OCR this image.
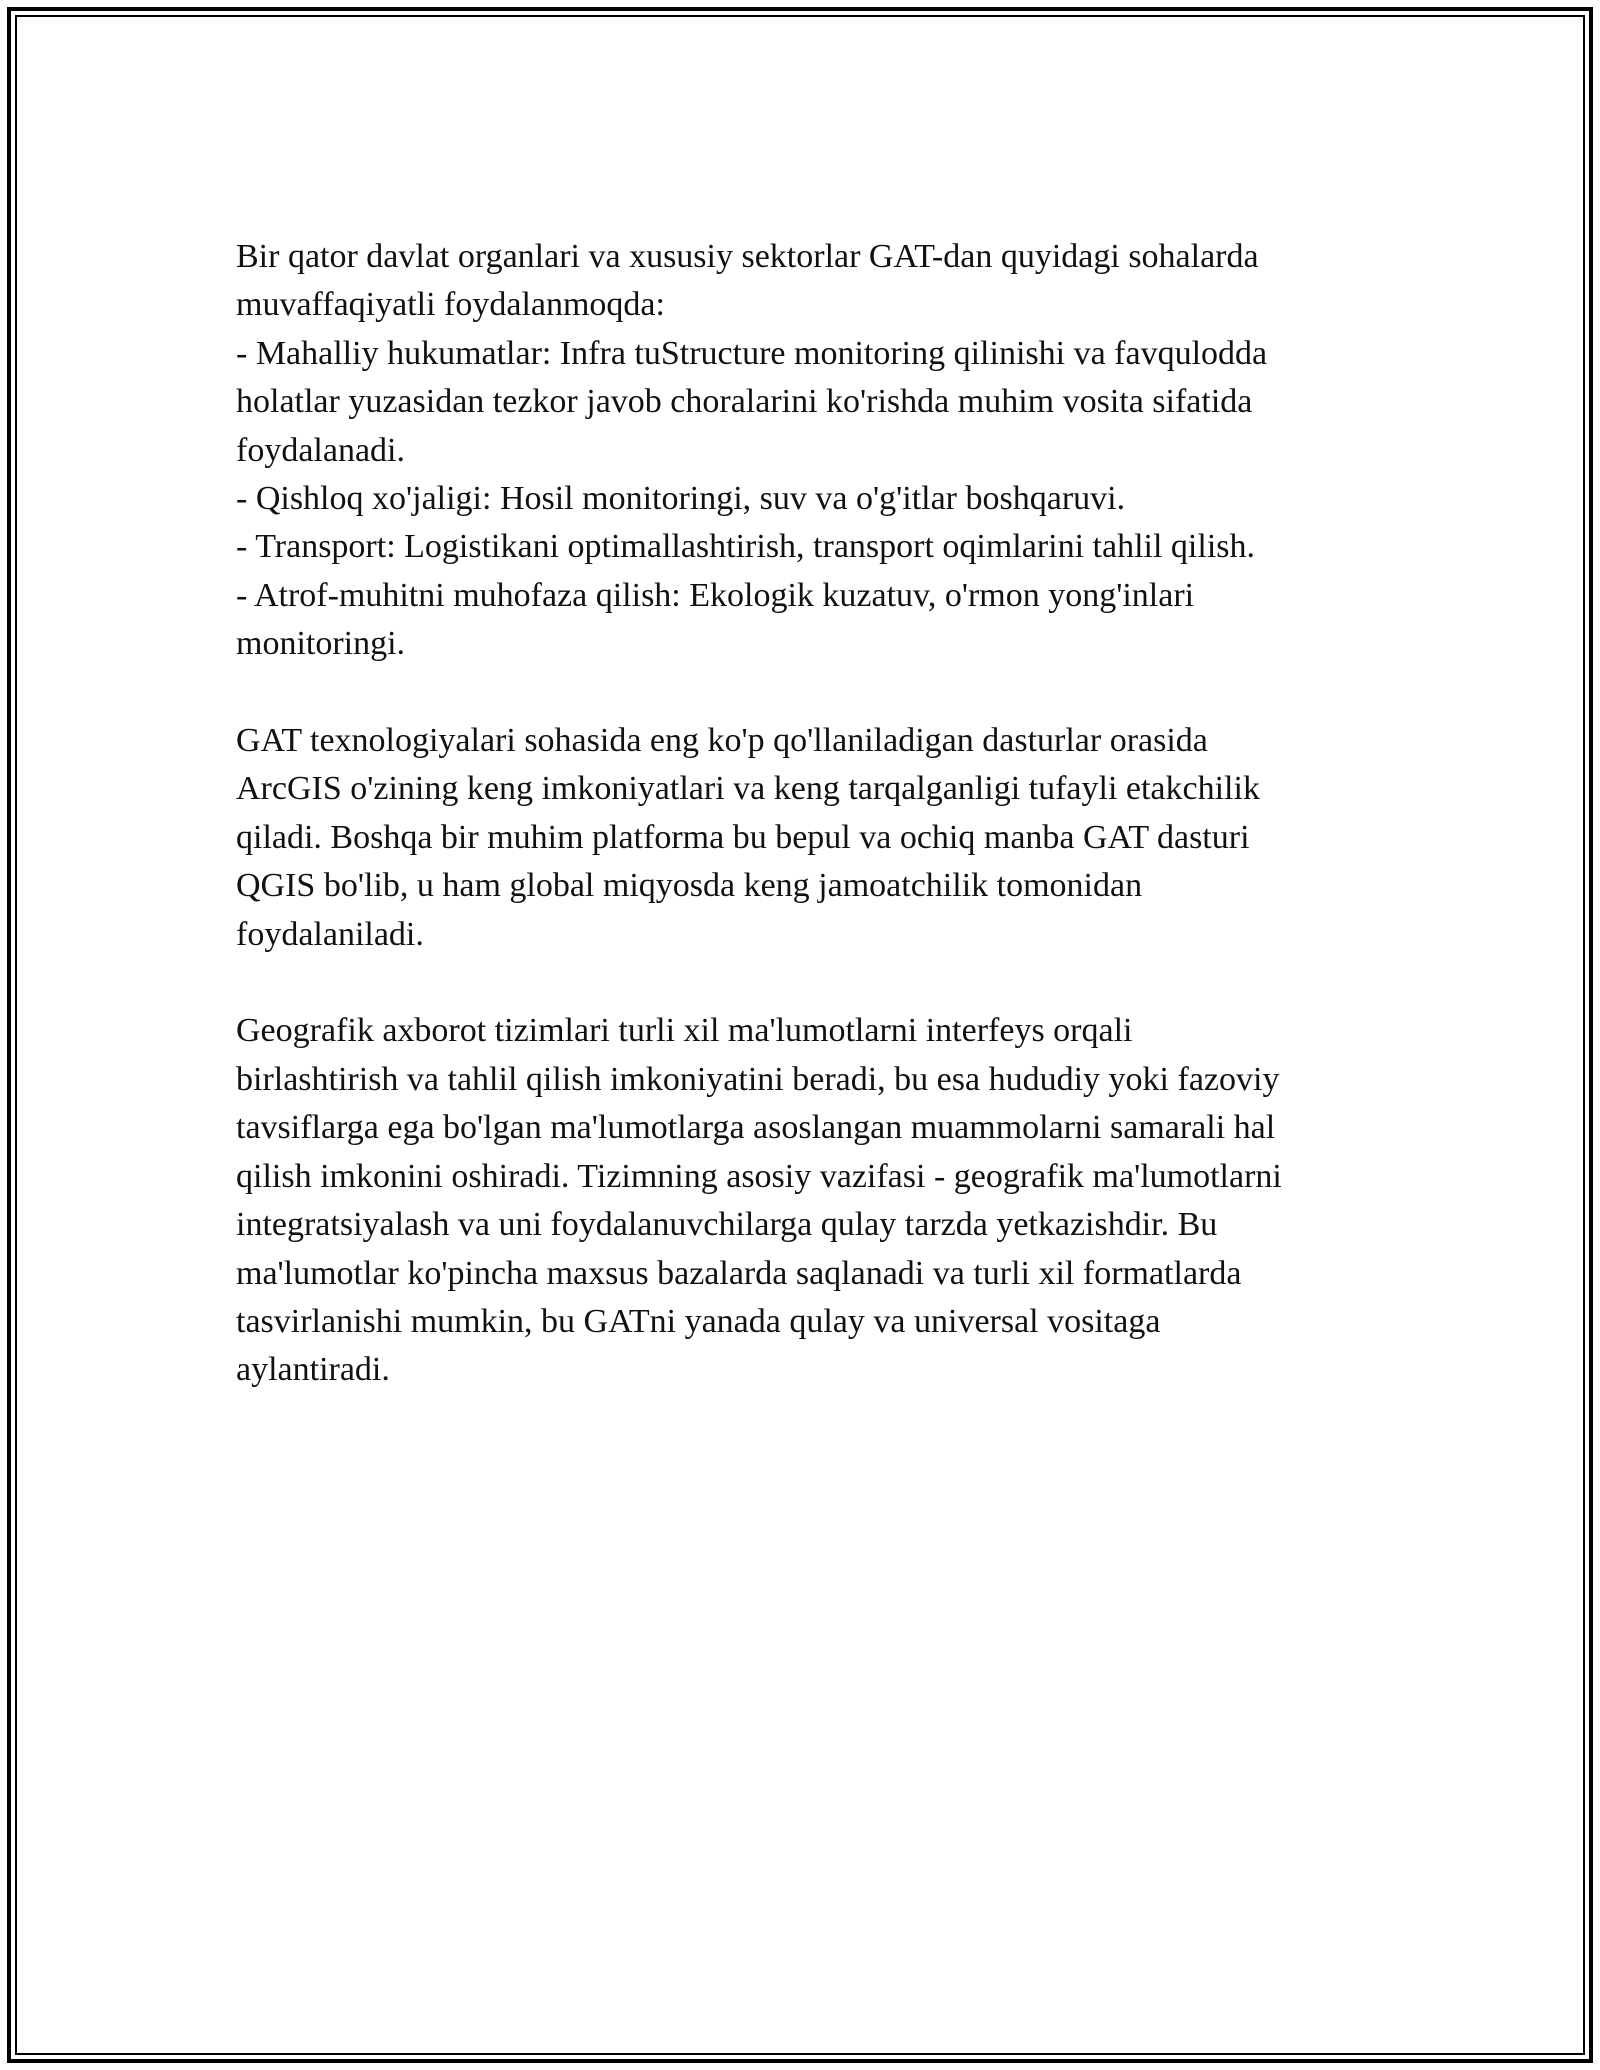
Bir qator davlat organlari va xususiy sektorlar GAT-dan quyidagi sohalarda
muvaffaqiyatli foydalanmoqda:
- Mahalliy hukumatlar: Infra tuStructure monitoring qilinishi va favqulodda
holatlar yuzasidan tezkor javob choralarini ko'rishda muhim vosita sifatida
foydalanadi.
- Qishloq xo'jaligi: Hosil monitoringi, suv va o'g'itlar boshqaruvi.
- Transport: Logistikani optimallashtirish, transport oqimlarini tahlil qilish.
- Atrof-muhitni muhofaza qilish: Ekologik kuzatuv, o'rmon yong'inlari
monitoringi.

GAT texnologiyalari sohasida eng ko'p qo'llaniladigan dasturlar orasida
ArcGIS o'zining keng imkoniyatlari va keng tarqalganligi tufayli etakchilik
qiladi. Boshqa bir muhim platforma bu bepul va ochiq manba GAT dasturi
QGIS bo'lib, u ham global miqyosda keng jamoatchilik tomonidan
foydalaniladi.

Geografik axborot tizimlari turli xil ma'lumotlarni interfeys orqali
birlashtirish va tahlil qilish imkoniyatini beradi, bu esa hududiy yoki fazoviy
tavsiflarga ega bo'lgan ma'lumotlarga asoslangan muammolarni samarali hal
qilish imkonini oshiradi. Tizimning asosiy vazifasi - geografik ma'lumotlarni
integratsiyalash va uni foydalanuvchilarga qulay tarzda yetkazishdir. Bu
ma'lumotlar ko'pincha maxsus bazalarda saqlanadi va turli xil formatlarda
tasvirlanishi mumkin, bu GATni yanada qulay va universal vositaga
aylantiradi.
